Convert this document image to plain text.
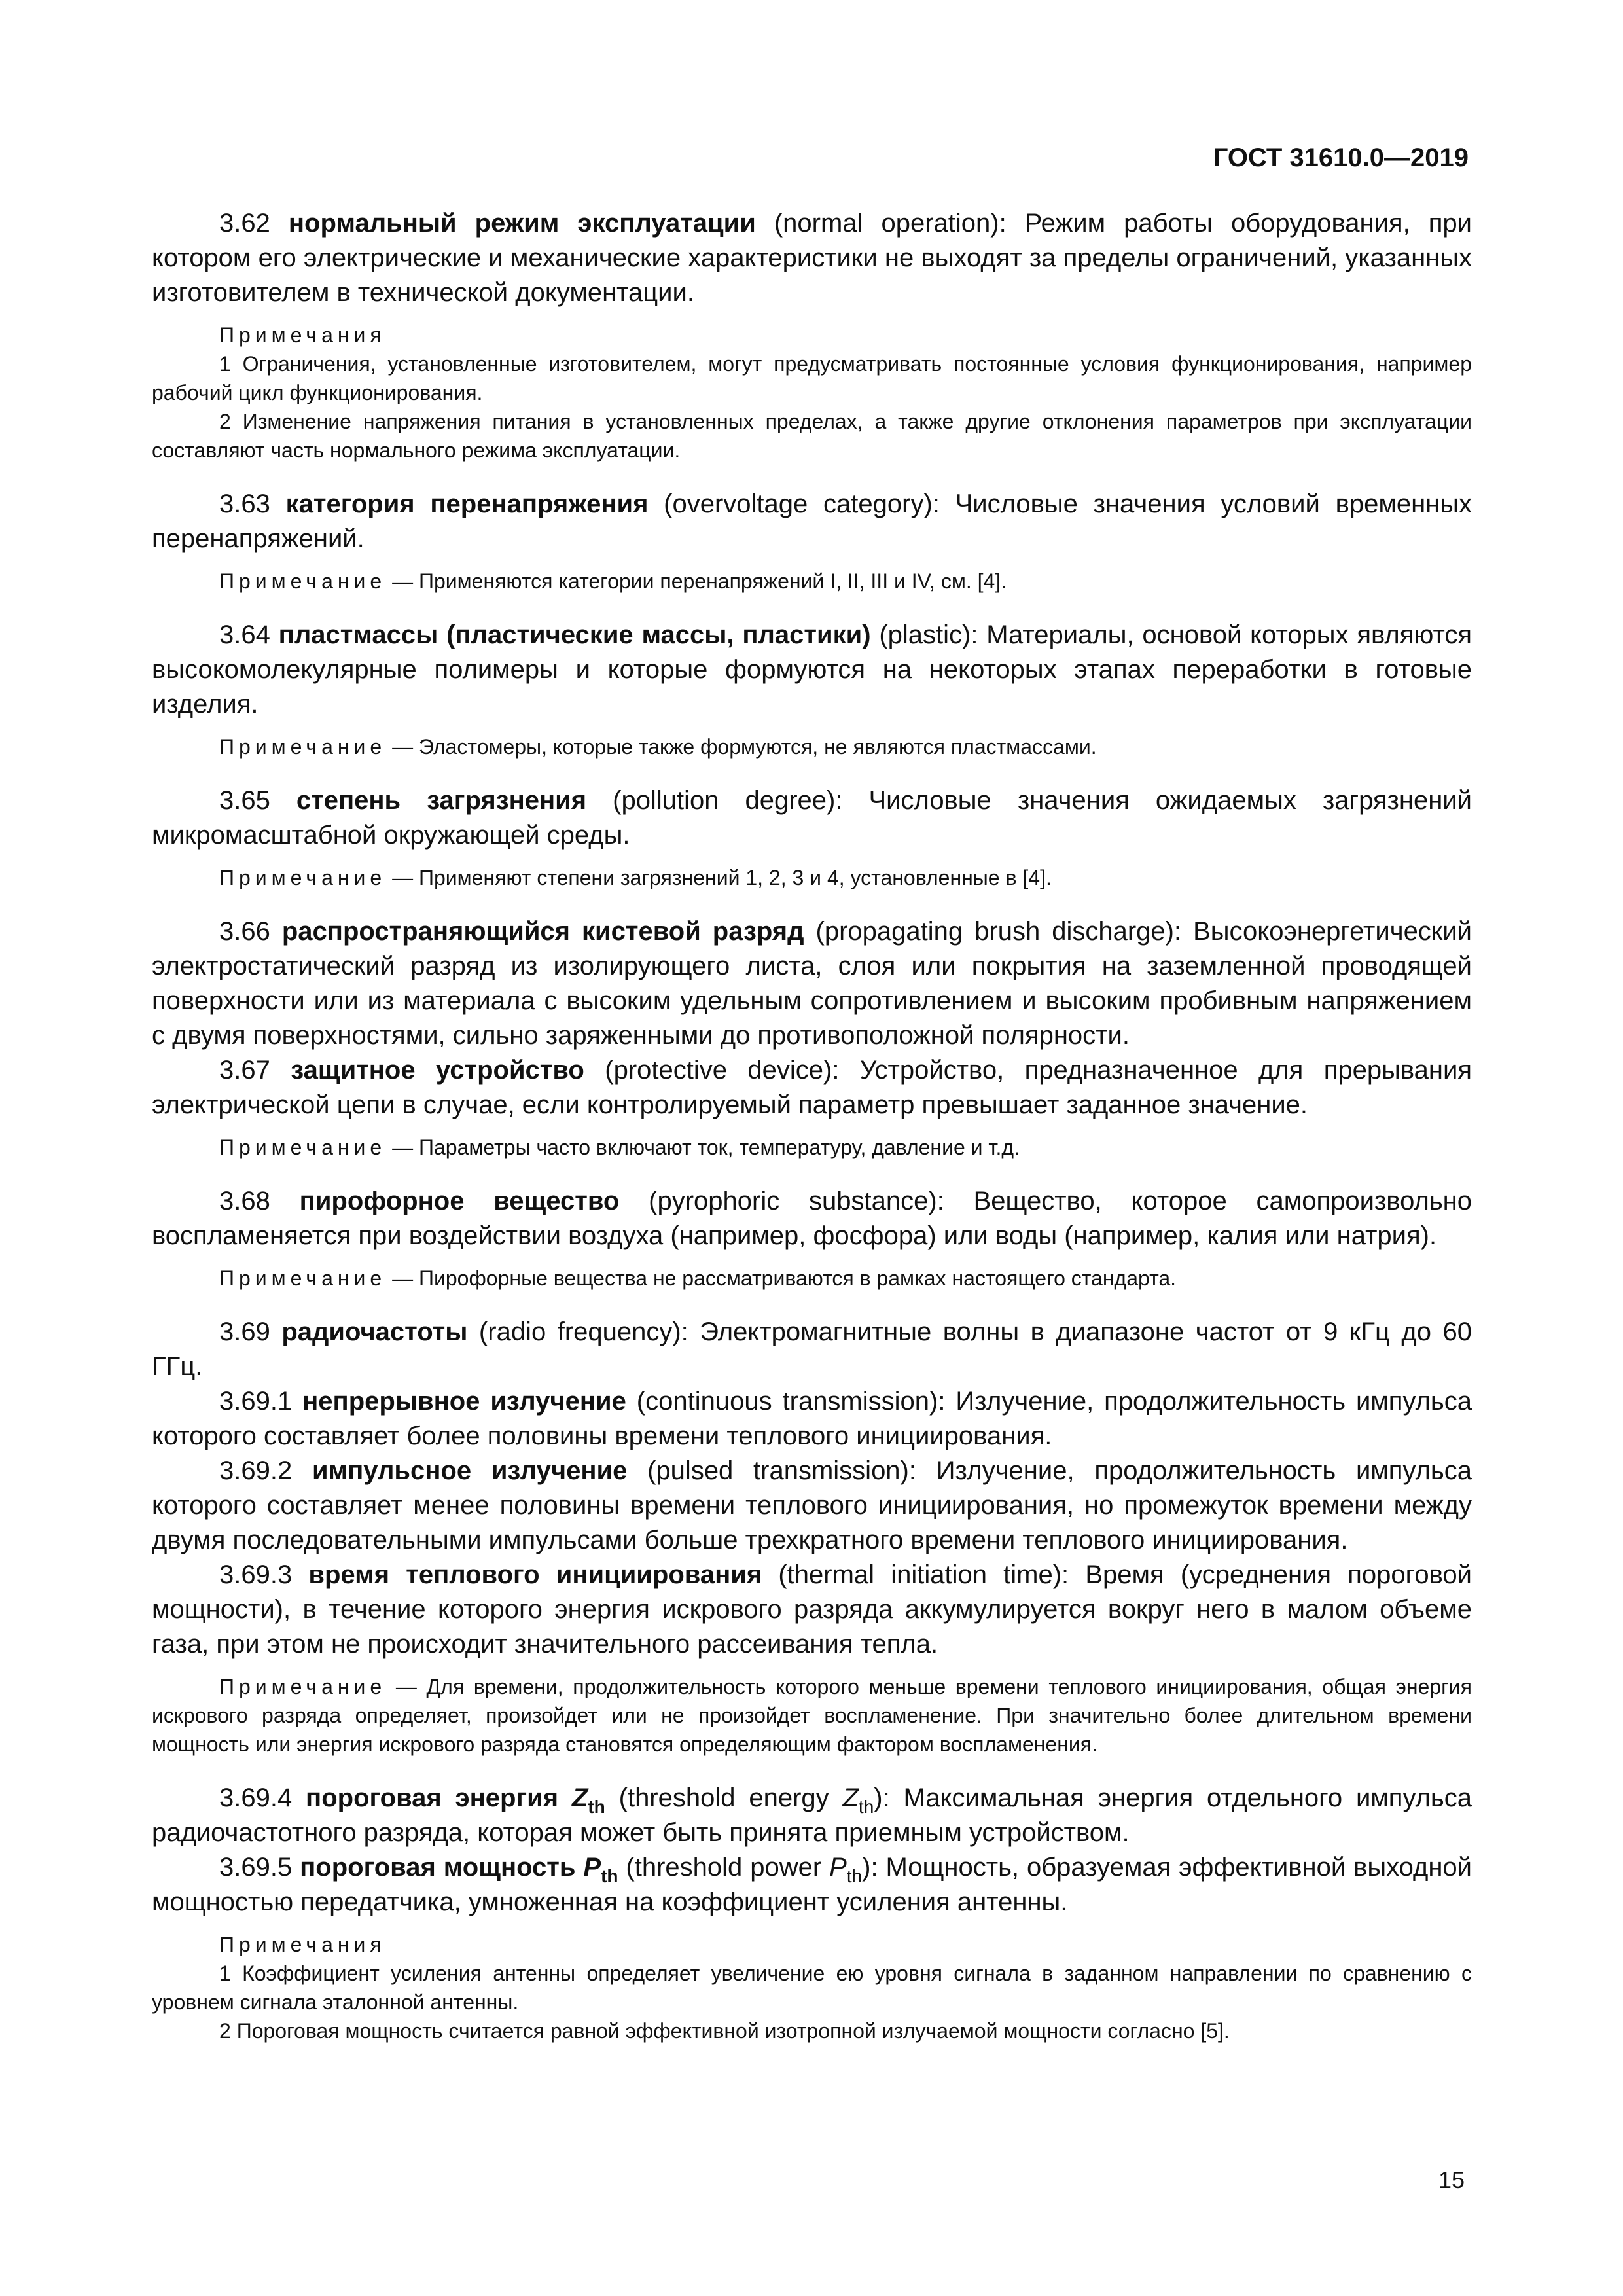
ГОСТ 31610.0—2019

3.62 нормальный режим эксплуатации (normal operation): Режим работы оборудования, при котором его электрические и механические характеристики не выходят за пределы ограничений, указанных изготовителем в технической документации.

Примечания

1 Ограничения, установленные изготовителем, могут предусматривать постоянные условия функционирования, например рабочий цикл функционирования.

2 Изменение напряжения питания в установленных пределах, а также другие отклонения параметров при эксплуатации составляют часть нормального режима эксплуатации.

3.63 категория перенапряжения (overvoltage category): Числовые значения условий временных перенапряжений.

Примечание — Применяются категории перенапряжений I, II, III и IV, см. [4].

3.64 пластмассы (пластические массы, пластики) (plastic): Материалы, основой которых являются высокомолекулярные полимеры и которые формуются на некоторых этапах переработки в готовые изделия.

Примечание — Эластомеры, которые также формуются, не являются пластмассами.

3.65 степень загрязнения (pollution degree): Числовые значения ожидаемых загрязнений микромасштабной окружающей среды.

Примечание — Применяют степени загрязнений 1, 2, 3 и 4, установленные в [4].

3.66 распространяющийся кистевой разряд (propagating brush discharge): Высокоэнергетический электростатический разряд из изолирующего листа, слоя или покрытия на заземленной проводящей поверхности или из материала с высоким удельным сопротивлением и высоким пробивным напряжением с двумя поверхностями, сильно заряженными до противоположной полярности.

3.67 защитное устройство (protective device): Устройство, предназначенное для прерывания электрической цепи в случае, если контролируемый параметр превышает заданное значение.

Примечание — Параметры часто включают ток, температуру, давление и т.д.

3.68 пирофорное вещество (pyrophoric substance): Вещество, которое самопроизвольно воспламеняется при воздействии воздуха (например, фосфора) или воды (например, калия или натрия).

Примечание — Пирофорные вещества не рассматриваются в рамках настоящего стандарта.

3.69 радиочастоты (radio frequency): Электромагнитные волны в диапазоне частот от 9 кГц до 60 ГГц.

3.69.1 непрерывное излучение (continuous transmission): Излучение, продолжительность импульса которого составляет более половины времени теплового инициирования.

3.69.2 импульсное излучение (pulsed transmission): Излучение, продолжительность импульса которого составляет менее половины времени теплового инициирования, но промежуток времени между двумя последовательными импульсами больше трехкратного времени теплового инициирования.

3.69.3 время теплового инициирования (thermal initiation time): Время (усреднения пороговой мощности), в течение которого энергия искрового разряда аккумулируется вокруг него в малом объеме газа, при этом не происходит значительного рассеивания тепла.

Примечание — Для времени, продолжительность которого меньше времени теплового инициирования, общая энергия искрового разряда определяет, произойдет или не произойдет воспламенение. При значительно более длительном времени мощность или энергия искрового разряда становятся определяющим фактором воспламенения.

3.69.4 пороговая энергия $Z_{th}$ (threshold energy $Z_{th}$): Максимальная энергия отдельного импульса радиочастотного разряда, которая может быть принята приемным устройством.

3.69.5 пороговая мощность $P_{th}$ (threshold power $P_{th}$): Мощность, образуемая эффективной выходной мощностью передатчика, умноженная на коэффициент усиления антенны.

Примечания

1 Коэффициент усиления антенны определяет увеличение ею уровня сигнала в заданном направлении по сравнению с уровнем сигнала эталонной антенны.

2 Пороговая мощность считается равной эффективной изотропной излучаемой мощности согласно [5].

15
